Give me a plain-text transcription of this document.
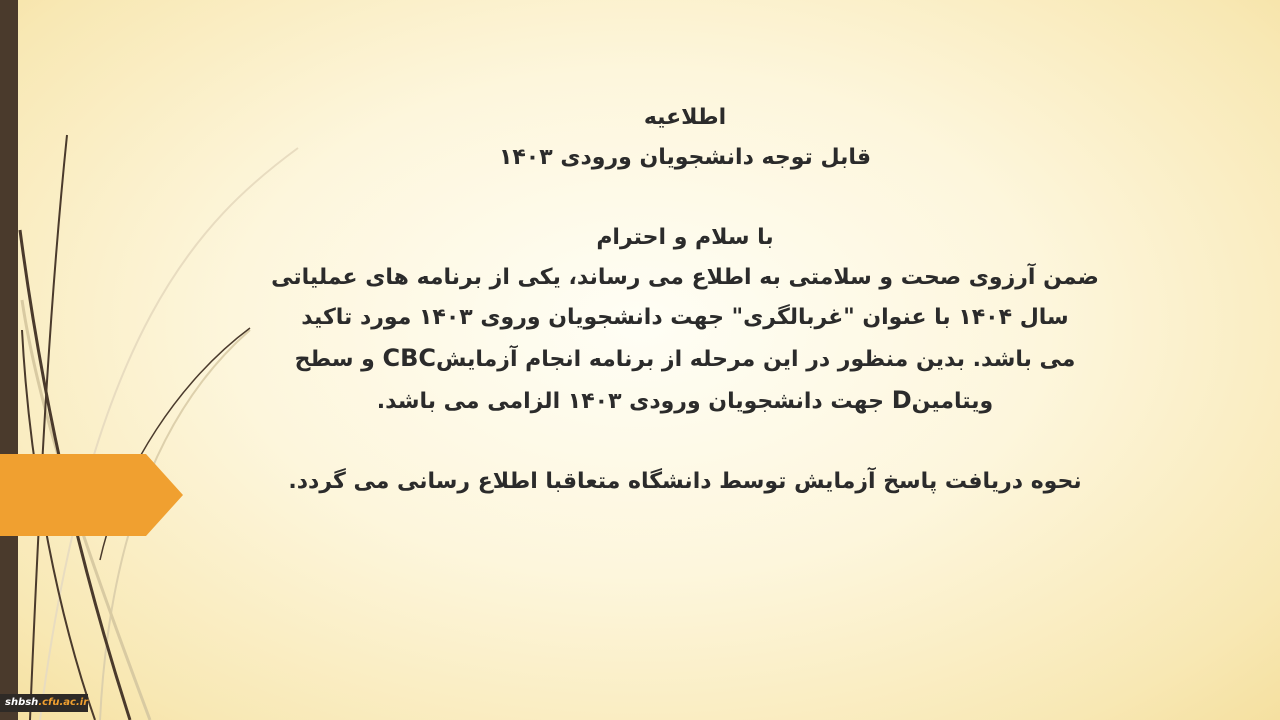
اطلاعیه
قابل توجه دانشجویان ورودی ۱۴۰۳
با سلام و احترام
ضمن آرزوی صحت و سلامتی به اطلاع می رساند، یکی از برنامه های عملیاتی
سال ۱۴۰۴ با عنوان "غربالگری" جهت دانشجویان وروی ۱۴۰۳ مورد تاکید
می باشد. بدین منظور در این مرحله از برنامه انجام آزمایشCBC و سطح
ویتامینD جهت دانشجویان ورودی ۱۴۰۳ الزامی می باشد.
نحوه دریافت پاسخ آزمایش توسط دانشگاه متعاقبا اطلاع رسانی می گردد.
shbsh.cfu.ac.ir
